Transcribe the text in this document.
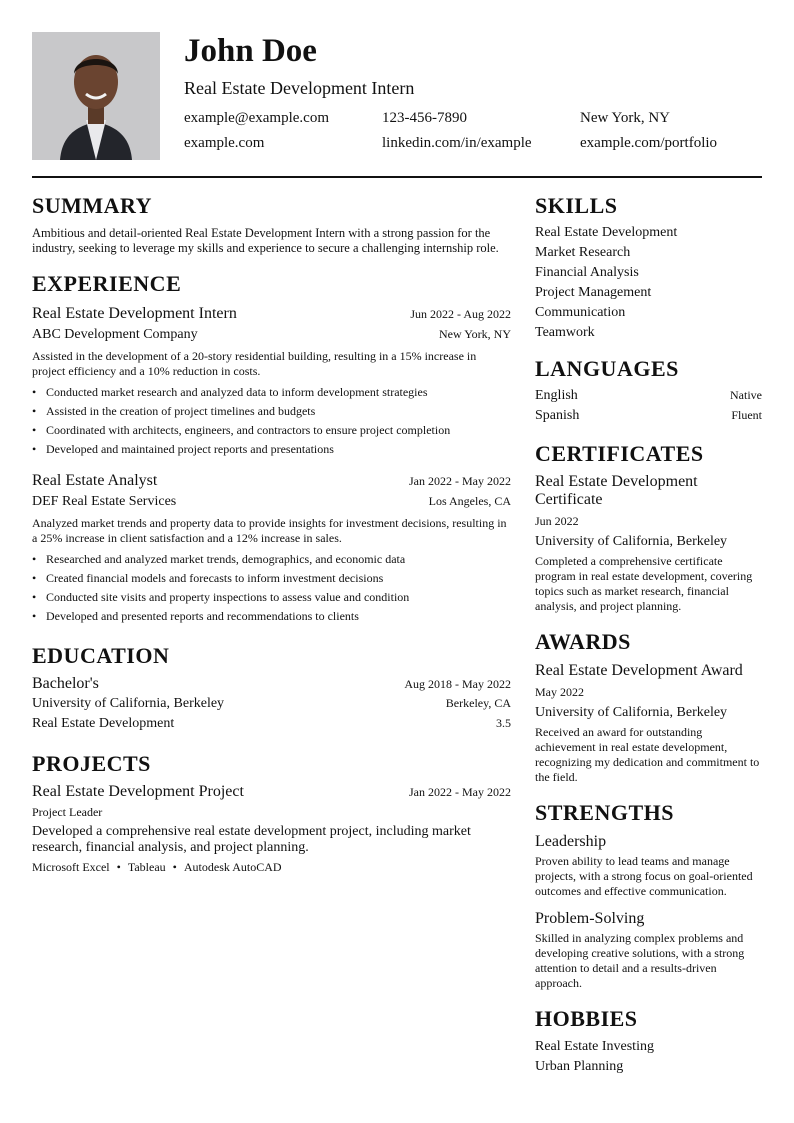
John Doe
Real Estate Development Intern
example@example.com	123-456-7890	New York, NY
example.com	linkedin.com/in/example	example.com/portfolio
SUMMARY
Ambitious and detail-oriented Real Estate Development Intern with a strong passion for the industry, seeking to leverage my skills and experience to secure a challenging internship role.
EXPERIENCE
Real Estate Development Intern	Jun 2022 - Aug 2022
ABC Development Company	New York, NY
Assisted in the development of a 20-story residential building, resulting in a 15% increase in project efficiency and a 10% reduction in costs.
• Conducted market research and analyzed data to inform development strategies
• Assisted in the creation of project timelines and budgets
• Coordinated with architects, engineers, and contractors to ensure project completion
• Developed and maintained project reports and presentations
Real Estate Analyst	Jan 2022 - May 2022
DEF Real Estate Services	Los Angeles, CA
Analyzed market trends and property data to provide insights for investment decisions, resulting in a 25% increase in client satisfaction and a 12% increase in sales.
• Researched and analyzed market trends, demographics, and economic data
• Created financial models and forecasts to inform investment decisions
• Conducted site visits and property inspections to assess value and condition
• Developed and presented reports and recommendations to clients
EDUCATION
Bachelor's	Aug 2018 - May 2022
University of California, Berkeley	Berkeley, CA
Real Estate Development	3.5
PROJECTS
Real Estate Development Project	Jan 2022 - May 2022
Project Leader
Developed a comprehensive real estate development project, including market research, financial analysis, and project planning.
Microsoft Excel • Tableau • Autodesk AutoCAD
SKILLS
Real Estate Development
Market Research
Financial Analysis
Project Management
Communication
Teamwork
LANGUAGES
English	Native
Spanish	Fluent
CERTIFICATES
Real Estate Development Certificate
Jun 2022
University of California, Berkeley
Completed a comprehensive certificate program in real estate development, covering topics such as market research, financial analysis, and project planning.
AWARDS
Real Estate Development Award
May 2022
University of California, Berkeley
Received an award for outstanding achievement in real estate development, recognizing my dedication and commitment to the field.
STRENGTHS
Leadership
Proven ability to lead teams and manage projects, with a strong focus on goal-oriented outcomes and effective communication.
Problem-Solving
Skilled in analyzing complex problems and developing creative solutions, with a strong attention to detail and a results-driven approach.
HOBBIES
Real Estate Investing
Urban Planning
